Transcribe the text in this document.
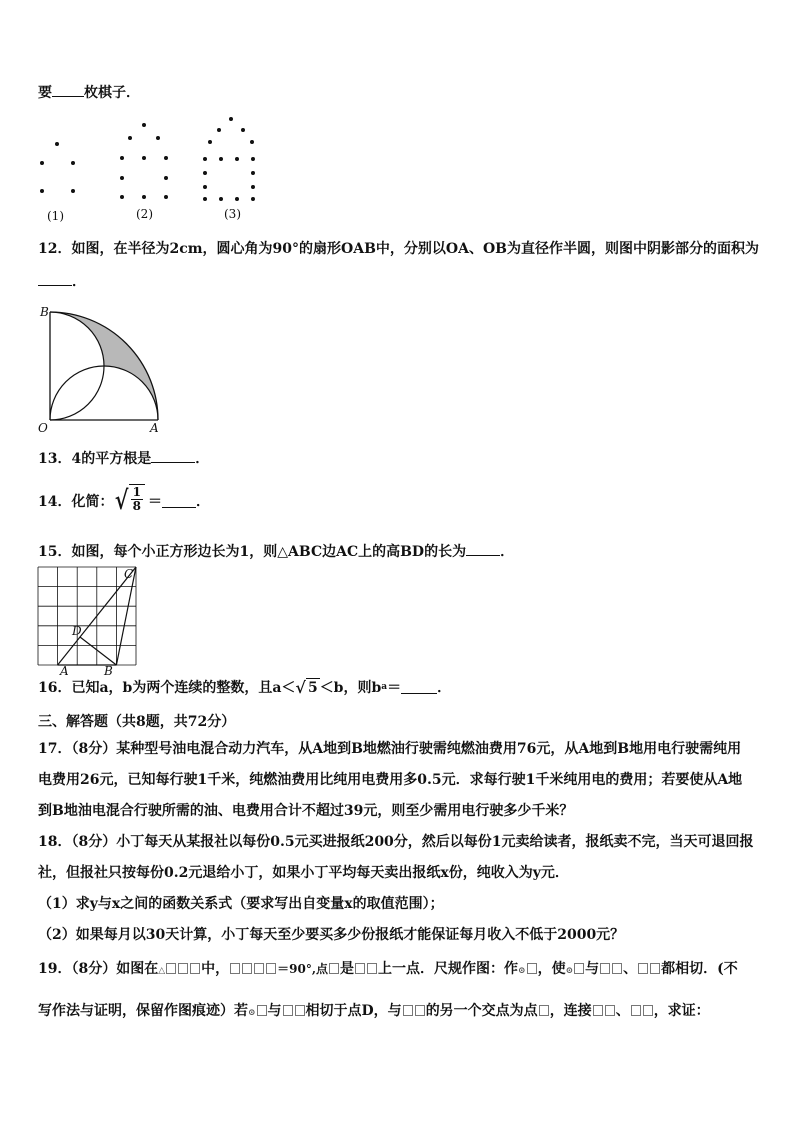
要 枚棋子．
(1)	(2)	(3)
12．如图，在半径为2cm，圆心角为90°的扇形OAB中，分别以OA、OB为直径作半圆，则图中阴影部分的面积为
．
B
O	A
13．4的平方根是	．
14．化简： √ $\frac{1}{8}$ ＝ ．
15．如图，每个小正方形边长为1，则△ABC边AC上的高BD的长为 ．
A	B
C
D
16．已知a，b为两个连续的整数，且a＜ √ 5 ＜b，则b a ＝	．
三、解答题（共8题，共72分）
17．（8分）某种型号油电混合动力汽车，从A地到B地燃油行驶需纯燃油费用76元，从A地到B地用电行驶需纯用
电费用26元，已知每行驶1千米，纯燃油费用比纯用电费用多0.5元．求每行驶1千米纯用电的费用；若要使从A地
到B地油电混合行驶所需的油、电费用合计不超过39元，则至少需用电行驶多少千米？
18．（8分）小丁每天从某报社以每份0.5元买进报纸200分，然后以每份1元卖给读者，报纸卖不完，当天可退回报
社，但报社只按每份0.2元退给小丁，如果小丁平均每天卖出报纸x份，纯收入为y元．
（1）求y与x之间的函数关系式（要求写出自变量x的取值范围）；
（2）如果每月以30天计算，小丁每天至少要买多少份报纸才能保证每月收入不低于2000元？
19．（8分）如图在△	中，	＝90°,点 是 上一点．尺规作图：作⊙ ，使⊙ 与 、 都相切．(不
写作法与证明，保留作图痕迹）若⊙ 与 相切于点D，与 的另一个交点为点 ，连接 、 ，求证：
